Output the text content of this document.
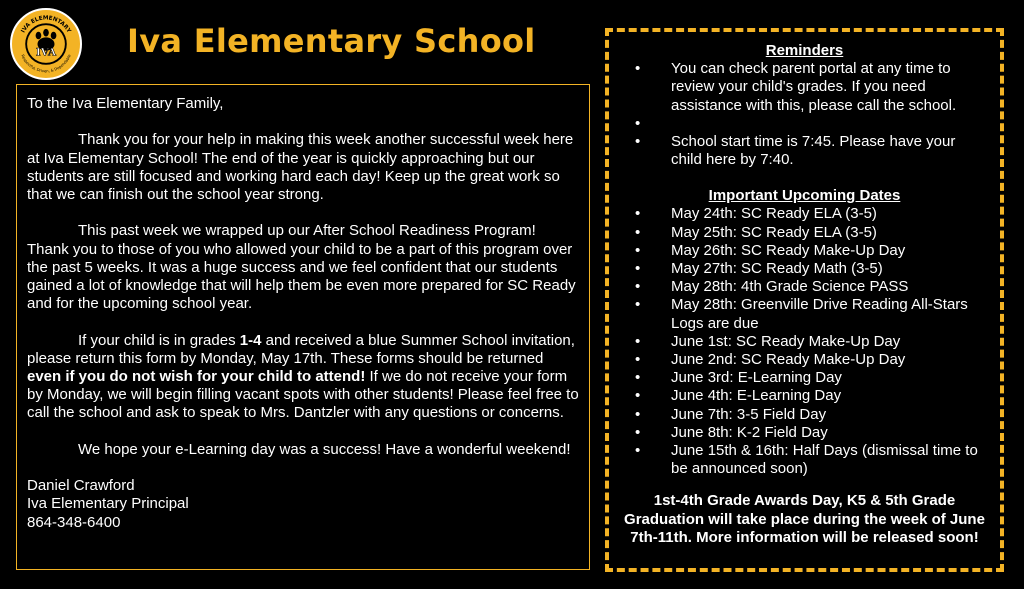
IVA ELEMENTARY
Respectful, Driven, & Dependable
IVA Iva Elementary School

To the Iva Elementary Family,

Thank you for your help in making this week another successful week here at Iva Elementary School! The end of the year is quickly approaching but our students are still focused and working hard each day! Keep up the great work so that we can finish out the school year strong.

This past week we wrapped up our After School Readiness Program! Thank you to those of you who allowed your child to be a part of this program over the past 5 weeks. It was a huge success and we feel confident that our students gained a lot of knowledge that will help them be even more prepared for SC Ready and for the upcoming school year.

If your child is in grades 1-4 and received a blue Summer School invitation, please return this form by Monday, May 17th. These forms should be returned even if you do not wish for your child to attend! If we do not receive your form by Monday, we will begin filling vacant spots with other students! Please feel free to call the school and ask to speak to Mrs. Dantzler with any questions or concerns.

We hope your e-Learning day was a success! Have a wonderful weekend!

Daniel Crawford
Iva Elementary Principal
864-348-6400
Reminders
• You can check parent portal at any time to review your child's grades. If you need assistance with this, please call the school.
•
• School start time is 7:45. Please have your child here by 7:40.
Important Upcoming Dates
• May 24th: SC Ready ELA (3-5)
• May 25th: SC Ready ELA (3-5)
• May 26th: SC Ready Make-Up Day
• May 27th: SC Ready Math (3-5)
• May 28th: 4th Grade Science PASS
• May 28th: Greenville Drive Reading All-Stars Logs are due
• June 1st: SC Ready Make-Up Day
• June 2nd: SC Ready Make-Up Day
• June 3rd: E-Learning Day
• June 4th: E-Learning Day
• June 7th: 3-5 Field Day
• June 8th: K-2 Field Day
• June 15th & 16th: Half Days (dismissal time to be announced soon)
1st-4th Grade Awards Day, K5 & 5th Grade Graduation will take place during the week of June 7th-11th. More information will be released soon!
